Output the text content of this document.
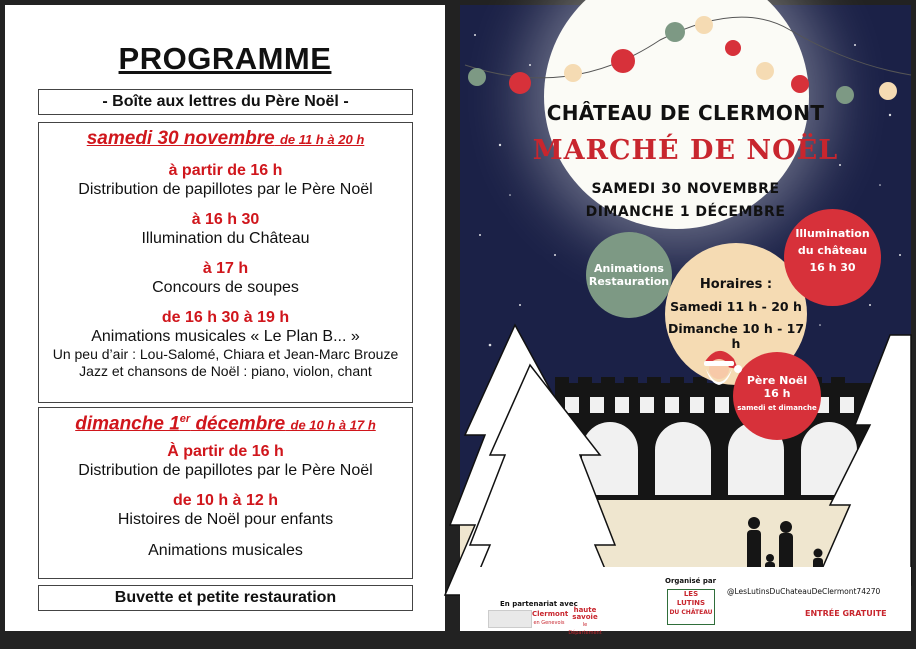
PROGRAMME
- Boîte aux lettres du Père Noël -
samedi 30 novembre de 11 h à 20 h
à partir de 16 h
Distribution de papillotes par le Père Noël
à 16 h 30
Illumination du Château
à 17 h
Concours de soupes
de 16 h 30 à 19 h
Animations musicales « Le Plan B... »
Un peu d’air : Lou-Salomé, Chiara et Jean-Marc Brouze
Jazz et chansons de Noël : piano, violon, chant
dimanche 1er décembre de 10 h à 17 h
À partir de 16 h
Distribution de papillotes par le Père Noël
de 10 h à 12 h
Histoires de Noël pour enfants
Animations musicales
Buvette et petite restauration
CHÂTEAU DE CLERMONT
MARCHÉ DE NOËL
SAMEDI 30 NOVEMBRE
DIMANCHE 1 DÉCEMBRE
Animations
Restauration	Horaires :
Samedi 11 h - 20 h
Dimanche 10 h - 17 h
Illumination
du château
16 h 30
Père Noël
16 h
samedi et dimanche
Organisé par
En partenariat avec
Clermont
en Genevois
haute
savoie
le Département
LES
LUTINS
DU CHÂTEAU
@LesLutinsDuChateauDeClermont74270
ENTRÉE GRATUITE
